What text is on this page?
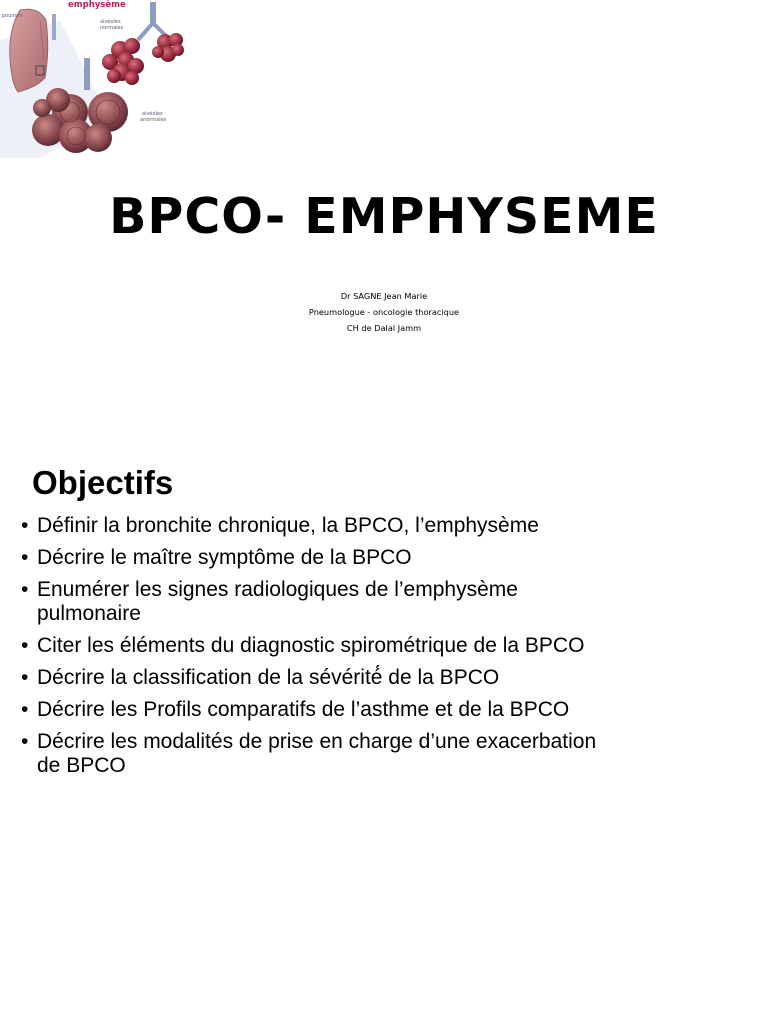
emphysème
poumon
alvéoles
normales
alvéoles
anormales
BPCO- EMPHYSEME
Dr SAGNE Jean Marie
Pneumologue - oncologie thoracique
CH de Dalal Jamm
Objectifs
• Définir la bronchite chronique, la BPCO, l’emphysème
• Décrire le maître symptôme de la BPCO
• Enumérer les signes radiologiques de l’emphysème
pulmonaire
• Citer les éléments du diagnostic spirométrique de la BPCO
• Décrire la classification de la sévérité́ de la BPCO
• Décrire les Profils comparatifs de l’asthme et de la BPCO
• Décrire les modalités de prise en charge d’une exacerbation
de BPCO
